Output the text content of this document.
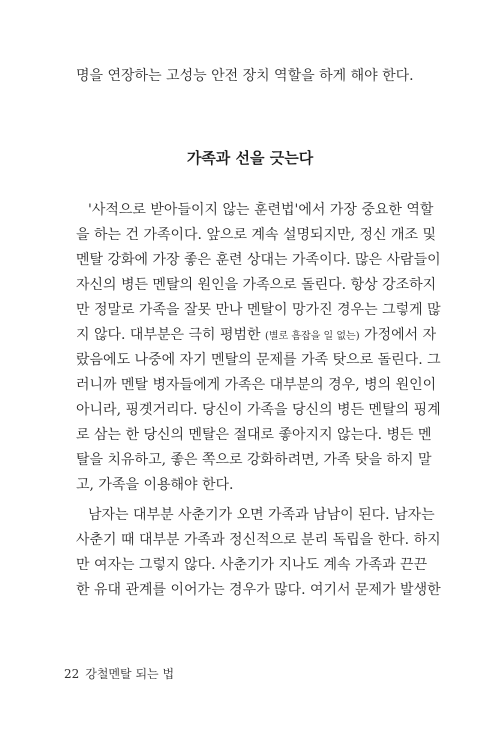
명을 연장하는 고성능 안전 장치 역할을 하게 해야 한다.
가족과 선을 긋는다
'사적으로 받아들이지 않는 훈련법'에서 가장 중요한 역할
을 하는 건 가족이다. 앞으로 계속 설명되지만, 정신 개조 및
멘탈 강화에 가장 좋은 훈련 상대는 가족이다. 많은 사람들이
자신의 병든 멘탈의 원인을 가족으로 돌린다. 항상 강조하지
만 정말로 가족을 잘못 만나 멘탈이 망가진 경우는 그렇게 많
지 않다. 대부분은 극히 평범한 (별로 흠잡을 일 없는) 가정에서 자
랐음에도 나중에 자기 멘탈의 문제를 가족 탓으로 돌린다. 그
러니까 멘탈 병자들에게 가족은 대부분의 경우, 병의 원인이
아니라, 핑곗거리다. 당신이 가족을 당신의 병든 멘탈의 핑계
로 삼는 한 당신의 멘탈은 절대로 좋아지지 않는다. 병든 멘
탈을 치유하고, 좋은 쪽으로 강화하려면, 가족 탓을 하지 말
고, 가족을 이용해야 한다.
남자는 대부분 사춘기가 오면 가족과 남남이 된다. 남자는
사춘기 때 대부분 가족과 정신적으로 분리 독립을 한다. 하지
만 여자는 그렇지 않다. 사춘기가 지나도 계속 가족과 끈끈
한 유대 관계를 이어가는 경우가 많다. 여기서 문제가 발생한
22 강철멘탈 되는 법
